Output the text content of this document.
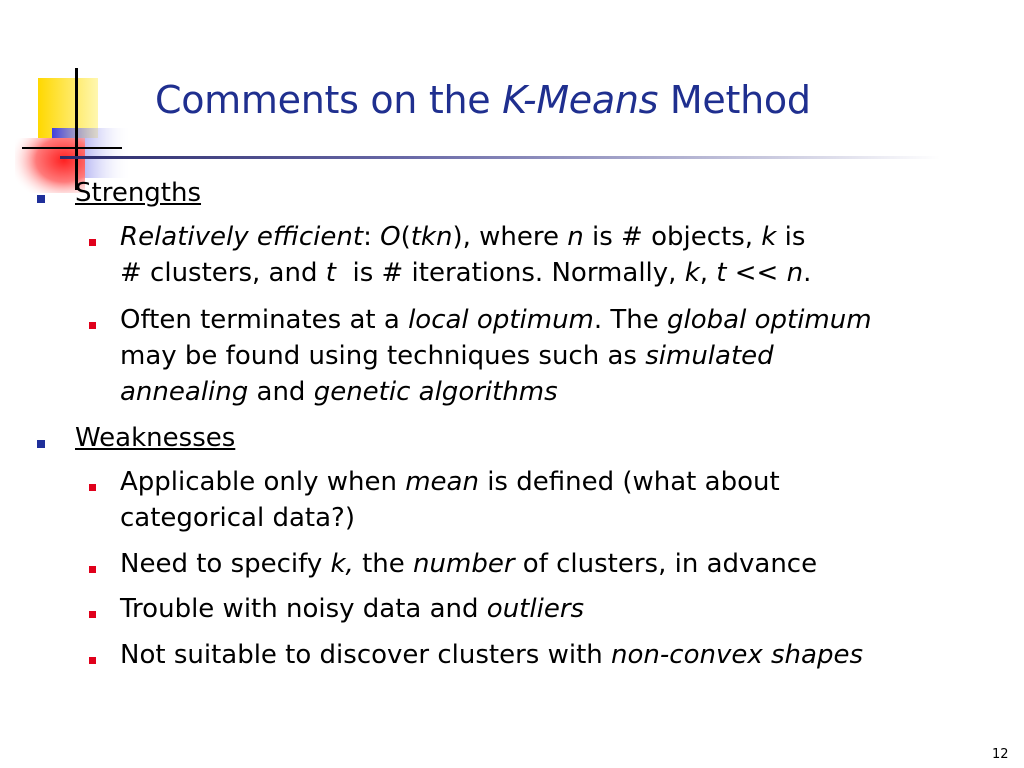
Comments on the K-Means Method
Strengths
Relatively efficient: O(tkn), where n is # objects, k is
# clusters, and t  is # iterations. Normally, k, t << n.
Often terminates at a local optimum. The global optimum
may be found using techniques such as simulated
annealing and genetic algorithms
Weaknesses
Applicable only when mean is defined (what about
categorical data?)
Need to specify k, the number of clusters, in advance
Trouble with noisy data and outliers
Not suitable to discover clusters with non-convex shapes
12
